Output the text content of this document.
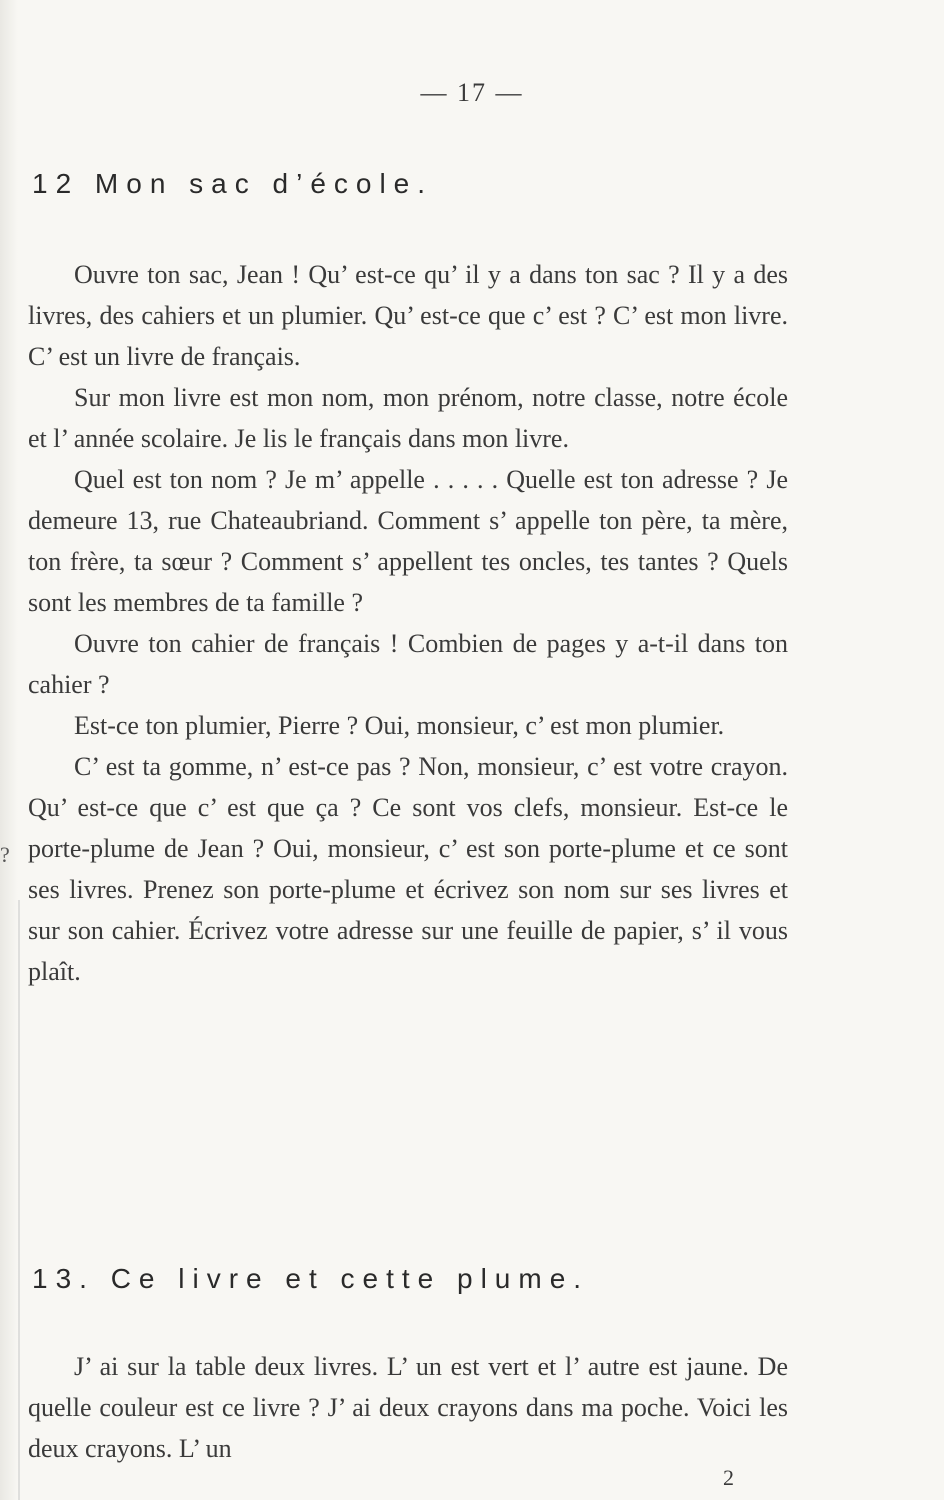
— 17 —
12 Mon sac d’école.

Ouvre ton sac, Jean ! Qu’ est-ce qu’ il y a dans ton sac ? Il y a des livres, des cahiers et un plumier. Qu’ est-ce que c’ est ? C’ est mon livre. C’ est un livre de français.

Sur mon livre est mon nom, mon prénom, notre classe, notre école et l’ année scolaire. Je lis le français dans mon livre.

Quel est ton nom ? Je m’ appelle . . . . . Quelle est ton adresse ? Je demeure 13, rue Chateaubriand. Comment s’ appelle ton père, ta mère, ton frère, ta sœur ? Comment s’ appellent tes oncles, tes tantes ? Quels sont les membres de ta famille ?

Ouvre ton cahier de français ! Combien de pages y a-t-il dans ton cahier ?

Est-ce ton plumier, Pierre ? Oui, monsieur, c’ est mon plumier.

C’ est ta gomme, n’ est-ce pas ? Non, monsieur, c’ est votre crayon. Qu’ est-ce que c’ est que ça ? Ce sont vos clefs, monsieur. Est-ce le porte-plume de Jean ? Oui, monsieur, c’ est son porte-plume et ce sont ses livres. Prenez son porte-plume et écrivez son nom sur ses livres et sur son cahier. Écrivez votre adresse sur une feuille de papier, s’ il vous plaît.

13. Ce livre et cette plume.

J’ ai sur la table deux livres. L’ un est vert et l’ autre est jaune. De quelle couleur est ce livre ? J’ ai deux crayons dans ma poche. Voici les deux crayons. L’ un

2
?
